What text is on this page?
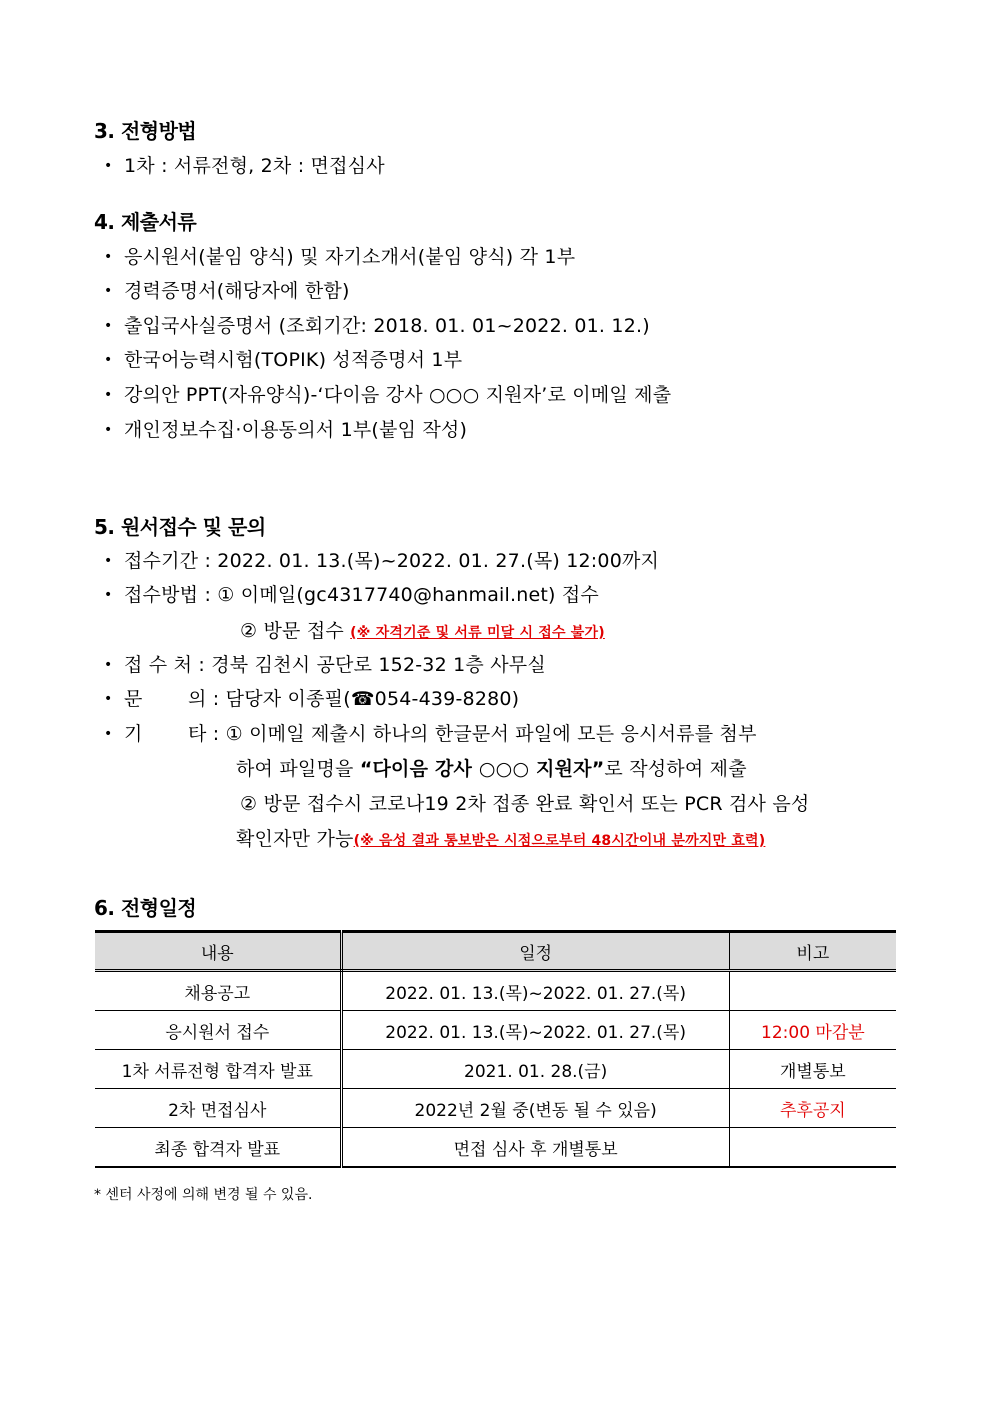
3. 전형방법
• 1차 : 서류전형, 2차 : 면접심사
4. 제출서류
• 응시원서(붙임 양식) 및 자기소개서(붙임 양식) 각 1부
• 경력증명서(해당자에 한함)
• 출입국사실증명서 (조회기간: 2018. 01. 01~2022. 01. 12.)
• 한국어능력시험(TOPIK) 성적증명서 1부
• 강의안 PPT(자유양식)-‘다이음 강사 ○○○ 지원자’로 이메일 제출
• 개인정보수집·이용동의서 1부(붙임 작성)
5. 원서접수 및 문의
• 접수기간 : 2022. 01. 13.(목)~2022. 01. 27.(목) 12:00까지
• 접수방법 : ① 이메일(gc4317740@hanmail.net) 접수
② 방문 접수 (※ 자격기준 및 서류 미달 시 접수 불가)
• 접 수 처 : 경북 김천시 공단로 152-32 1층 사무실
• 문 의 : 담당자 이종필(☎054-439-8280)
• 기 타 : ① 이메일 제출시 하나의 한글문서 파일에 모든 응시서류를 첨부
하여 파일명을 “다이음 강사 ○○○ 지원자”로 작성하여 제출
② 방문 접수시 코로나19 2차 접종 완료 확인서 또는 PCR 검사 음성
확인자만 가능(※ 음성 결과 통보받은 시점으로부터 48시간이내 분까지만 효력)
6. 전형일정
내용	일정	비고
채용공고	2022. 01. 13.(목)~2022. 01. 27.(목)	
응시원서 접수	2022. 01. 13.(목)~2022. 01. 27.(목)	12:00 마감분
1차 서류전형 합격자 발표	2021. 01. 28.(금)	개별통보
2차 면접심사	2022년 2월 중(변동 될 수 있음)	추후공지
최종 합격자 발표	면접 심사 후 개별통보	
* 센터 사정에 의해 변경 될 수 있음.
